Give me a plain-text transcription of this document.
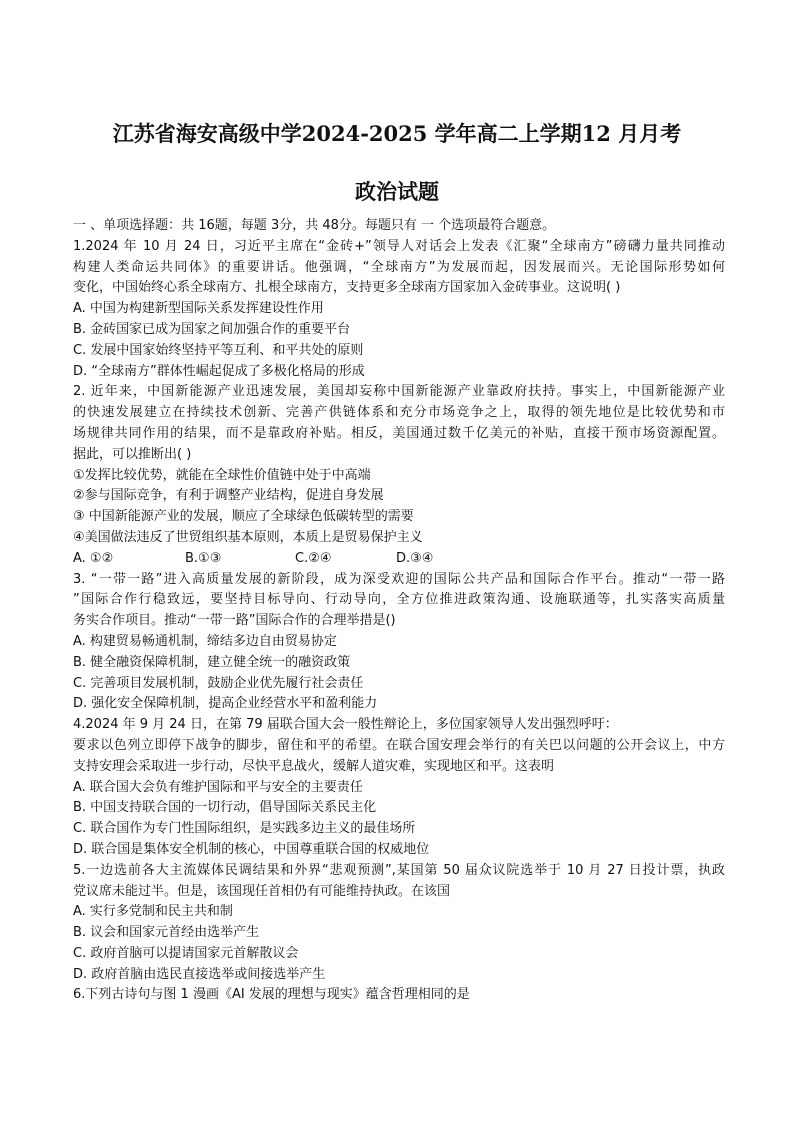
江苏省海安高级中学2024-2025 学年高二上学期12 月月考
政治试题
一 、单项选择题：共 16题，每题 3分，共 48分。每题只有 一 个选项最符合题意。
1.2024 年 10 月 24 日，习近平主席在“金砖+”领导人对话会上发表《汇聚“全球南方”磅礴力量共同推动
构建人类命运共同体》的重要讲话。他强调，“全球南方”为发展而起，因发展而兴。无论国际形势如何
变化，中国始终心系全球南方、扎根全球南方，支持更多全球南方国家加入金砖事业。这说明( )
A. 中国为构建新型国际关系发挥建设性作用
B. 金砖国家已成为国家之间加强合作的重要平台
C. 发展中国家始终坚持平等互利、和平共处的原则
D. “全球南方”群体性崛起促成了多极化格局的形成
2. 近年来，中国新能源产业迅速发展，美国却妄称中国新能源产业靠政府扶持。事实上，中国新能源产业
的快速发展建立在持续技术创新、完善产供链体系和充分市场竞争之上，取得的领先地位是比较优势和市
场规律共同作用的结果，而不是靠政府补贴。相反，美国通过数千亿美元的补贴，直接干预市场资源配置。
据此，可以推断出( )
①发挥比较优势，就能在全球性价值链中处于中高端
②参与国际竞争，有利于调整产业结构，促进自身发展
③ 中国新能源产业的发展，顺应了全球绿色低碳转型的需要
④美国做法违反了世贸组织基本原则，本质上是贸易保护主义
A. ①②	B.①③	C.②④	D.③④
3. “一带一路”进入高质量发展的新阶段，成为深受欢迎的国际公共产品和国际合作平台。推动“一带一路
”国际合作行稳致远，要坚持目标导向、行动导向，全方位推进政策沟通、设施联通等，扎实落实高质量
务实合作项目。推动“一带一路”国际合作的合理举措是()
A. 构建贸易畅通机制，缔结多边自由贸易协定
B. 健全融资保障机制，建立健全统一的融资政策
C. 完善项目发展机制，鼓励企业优先履行社会责任
D. 强化安全保障机制，提高企业经营水平和盈利能力
4.2024 年 9 月 24 日，在第 79 届联合国大会一般性辩论上，多位国家领导人发出强烈呼吁：
要求以色列立即停下战争的脚步，留住和平的希望。在联合国安理会举行的有关巴以问题的公开会议上，中方
支持安理会采取进一步行动，尽快平息战火，缓解人道灾难，实现地区和平。这表明
A. 联合国大会负有维护国际和平与安全的主要责任
B. 中国支持联合国的一切行动，倡导国际关系民主化
C. 联合国作为专门性国际组织，是实践多边主义的最佳场所
D. 联合国是集体安全机制的核心，中国尊重联合国的权威地位
5.一边选前各大主流媒体民调结果和外界“悲观预测”,某国第 50 届众议院选举于 10 月 27 日投计票，执政
党议席未能过半。但是，该国现任首相仍有可能维持执政。在该国
A. 实行多党制和民主共和制
B. 议会和国家元首经由选举产生
C. 政府首脑可以提请国家元首解散议会
D. 政府首脑由选民直接选举或间接选举产生
6.下列古诗句与图 1 漫画《AI 发展的理想与现实》蕴含哲理相同的是
